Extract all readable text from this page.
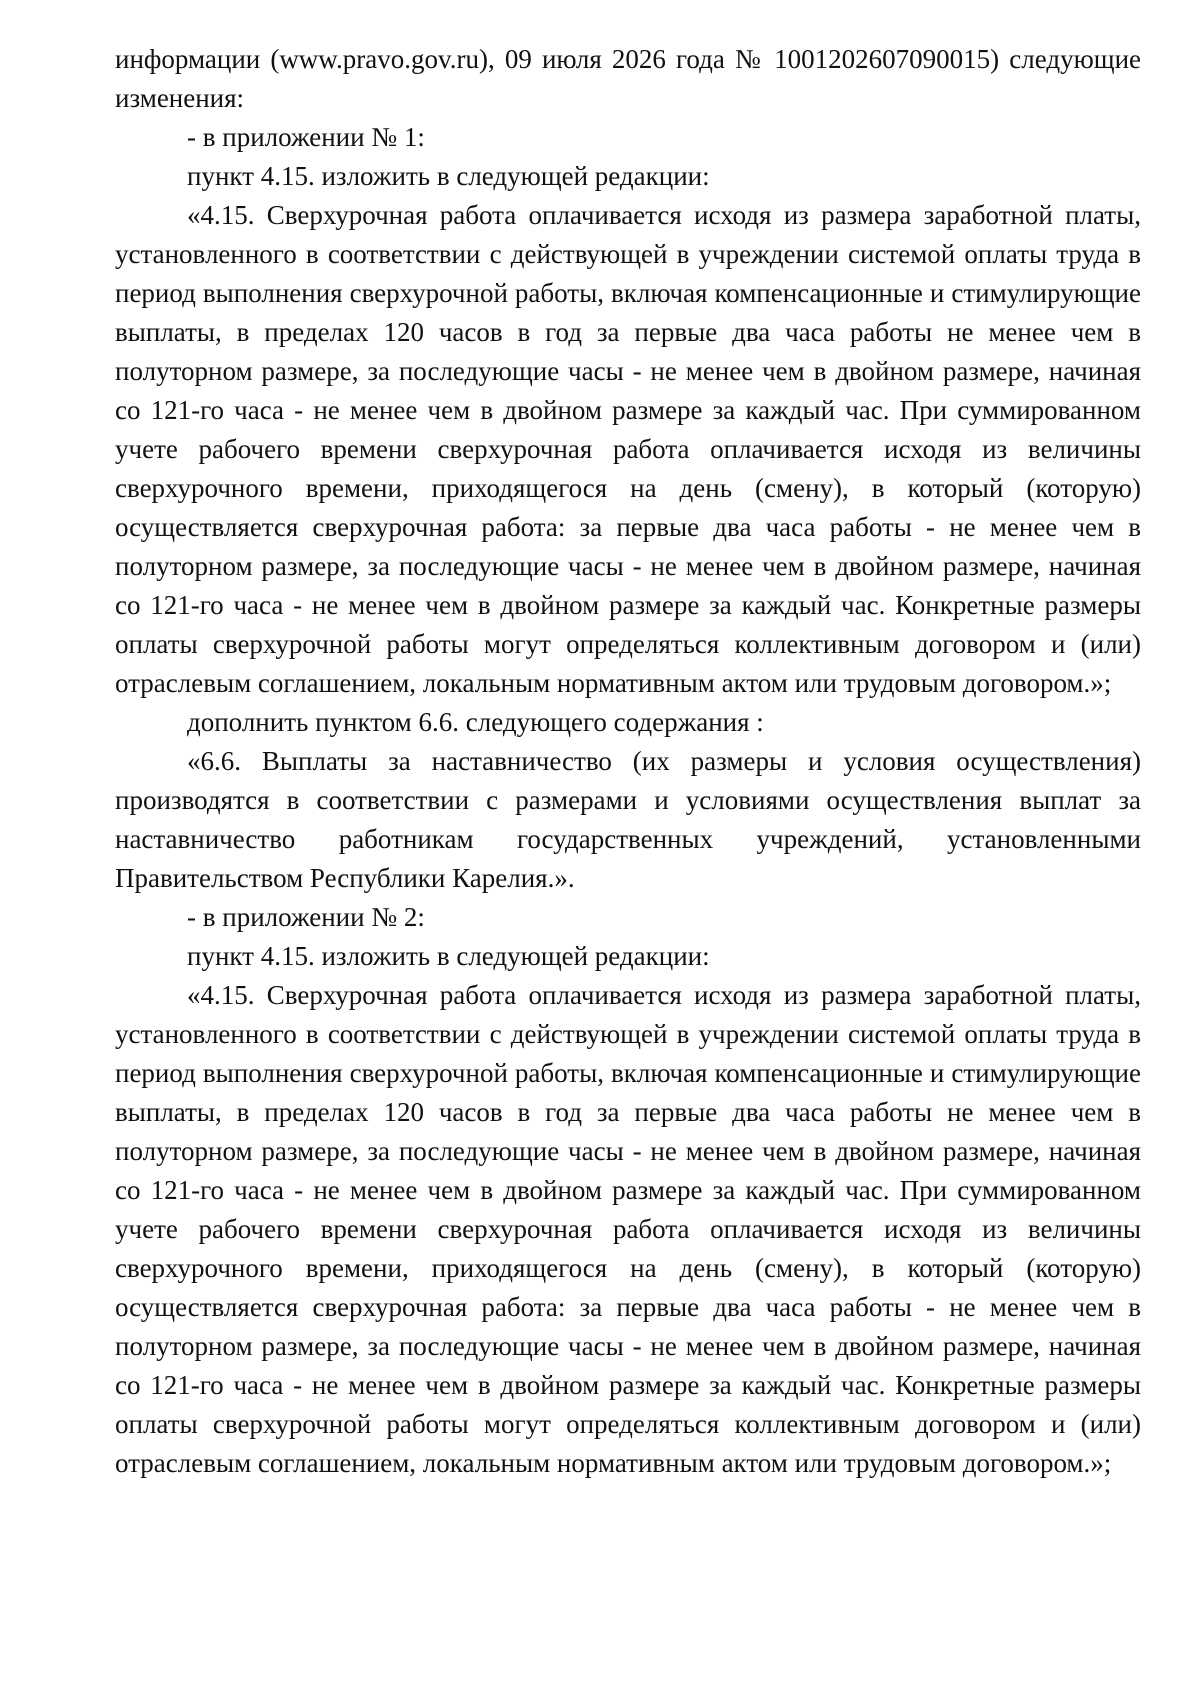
информации (www.pravo.gov.ru), 09 июля 2026 года № 1001202607090015) следующие изменения:

- в приложении № 1:

пункт 4.15. изложить в следующей редакции:

«4.15. Сверхурочная работа оплачивается исходя из размера заработной платы, установленного в соответствии с действующей в учреждении системой оплаты труда в период выполнения сверхурочной работы, включая компенсационные и стимулирующие выплаты, в пределах 120 часов в год за первые два часа работы не менее чем в полуторном размере, за последующие часы - не менее чем в двойном размере, начиная со 121-го часа - не менее чем в двойном размере за каждый час. При суммированном учете рабочего времени сверхурочная работа оплачивается исходя из величины сверхурочного времени, приходящегося на день (смену), в который (которую) осуществляется сверхурочная работа: за первые два часа работы - не менее чем в полуторном размере, за последующие часы - не менее чем в двойном размере, начиная со 121-го часа - не менее чем в двойном размере за каждый час. Конкретные размеры оплаты сверхурочной работы могут определяться коллективным договором и (или) отраслевым соглашением, локальным нормативным актом или трудовым договором.»;

дополнить пунктом 6.6. следующего содержания :

«6.6. Выплаты за наставничество (их размеры и условия осуществления) производятся в соответствии с размерами и условиями осуществления выплат за наставничество работникам государственных учреждений, установленными Правительством Республики Карелия.».

- в приложении № 2:

пункт 4.15. изложить в следующей редакции:

«4.15. Сверхурочная работа оплачивается исходя из размера заработной платы, установленного в соответствии с действующей в учреждении системой оплаты труда в период выполнения сверхурочной работы, включая компенсационные и стимулирующие выплаты, в пределах 120 часов в год за первые два часа работы не менее чем в полуторном размере, за последующие часы - не менее чем в двойном размере, начиная со 121-го часа - не менее чем в двойном размере за каждый час. При суммированном учете рабочего времени сверхурочная работа оплачивается исходя из величины сверхурочного времени, приходящегося на день (смену), в который (которую) осуществляется сверхурочная работа: за первые два часа работы - не менее чем в полуторном размере, за последующие часы - не менее чем в двойном размере, начиная со 121-го часа - не менее чем в двойном размере за каждый час. Конкретные размеры оплаты сверхурочной работы могут определяться коллективным договором и (или) отраслевым соглашением, локальным нормативным актом или трудовым договором.»;
